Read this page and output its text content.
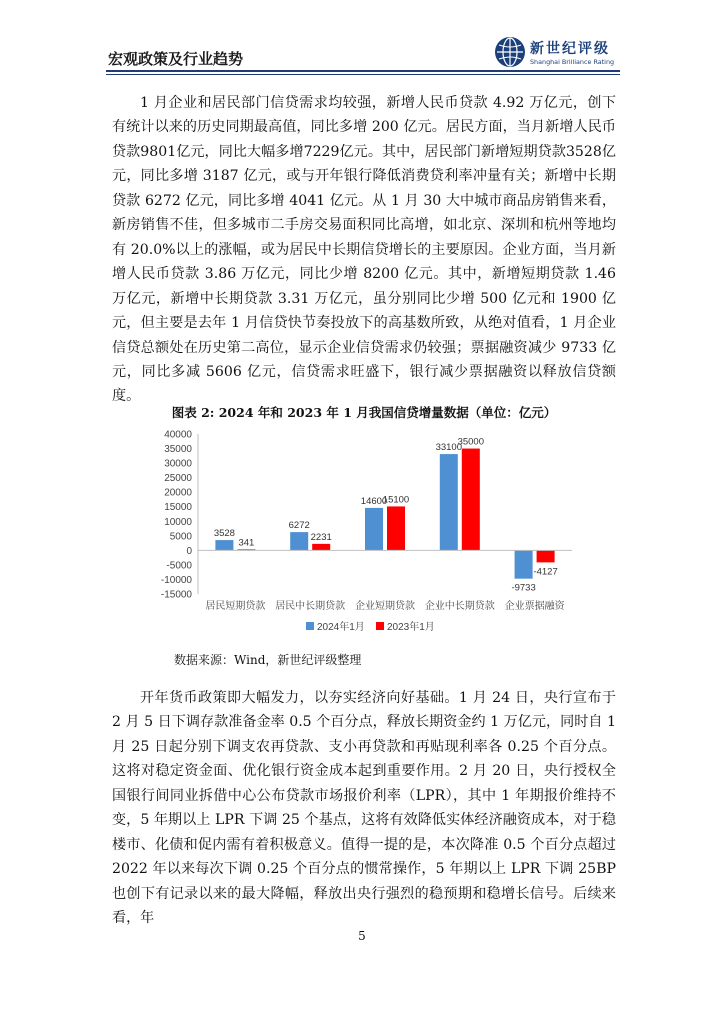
宏观政策及行业趋势
新世纪评级
Shanghai Brilliance Rating

1 月企业和居民部门信贷需求均较强，新增人民币贷款 4.92 万亿元，创下有统计以来的历史同期最高值，同比多增 200 亿元。居民方面，当月新增人民币贷款9801亿元，同比大幅多增7229亿元。其中，居民部门新增短期贷款3528亿元，同比多增 3187 亿元，或与开年银行降低消费贷利率冲量有关；新增中长期贷款 6272 亿元，同比多增 4041 亿元。从 1 月 30 大中城市商品房销售来看，新房销售不佳，但多城市二手房交易面积同比高增，如北京、深圳和杭州等地均有 20.0%以上的涨幅，或为居民中长期信贷增长的主要原因。企业方面，当月新增人民币贷款 3.86 万亿元，同比少增 8200 亿元。其中，新增短期贷款 1.46 万亿元，新增中长期贷款 3.31 万亿元，虽分别同比少增 500 亿元和 1900 亿元，但主要是去年 1 月信贷快节奏投放下的高基数所致，从绝对值看，1 月企业信贷总额处在历史第二高位，显示企业信贷需求仍较强；票据融资减少 9733 亿元，同比多减 5606 亿元，信贷需求旺盛下，银行减少票据融资以释放信贷额度。

图表 2: 2024 年和 2023 年 1 月我国信贷增量数据（单位：亿元）
40000
35000
30000
25000
20000
15000
10000
5000
0
-5000
-10000
-15000
3528
341
6272
2231
14600
15100
33100
35000
-9733
-4127
居民短期贷款 居民中长期贷款 企业短期贷款 企业中长期贷款 企业票据融资
2024年1月 2023年1月
数据来源：Wind，新世纪评级整理

开年货币政策即大幅发力，以夯实经济向好基础。1 月 24 日，央行宣布于 2 月 5 日下调存款准备金率 0.5 个百分点，释放长期资金约 1 万亿元，同时自 1 月 25 日起分别下调支农再贷款、支小再贷款和再贴现利率各 0.25 个百分点。这将对稳定资金面、优化银行资金成本起到重要作用。2 月 20 日，央行授权全国银行间同业拆借中心公布贷款市场报价利率（LPR），其中 1 年期报价维持不变，5 年期以上 LPR 下调 25 个基点，这将有效降低实体经济融资成本，对于稳楼市、化债和促内需有着积极意义。值得一提的是，本次降准 0.5 个百分点超过 2022 年以来每次下调 0.25 个百分点的惯常操作，5 年期以上 LPR 下调 25BP 也创下有记录以来的最大降幅，释放出央行强烈的稳预期和稳增长信号。后续来看，年

5
